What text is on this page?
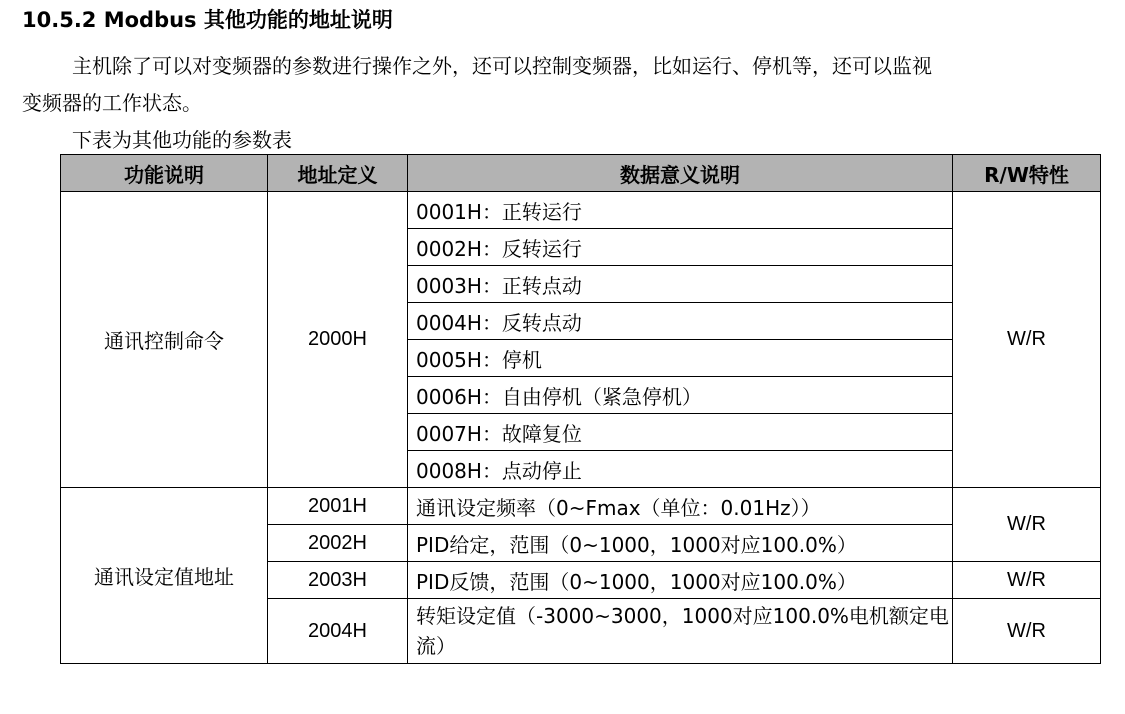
10.5.2 Modbus 其他功能的地址说明
主机除了可以对变频器的参数进行操作之外，还可以控制变频器，比如运行、停机等，还可以监视
变频器的工作状态。
下表为其他功能的参数表
功能说明	地址定义	数据意义说明	R/W特性
通讯控制命令	2000H	0001H：正转运行	W/R
		0002H：反转运行	
		0003H：正转点动	
		0004H：反转点动	
		0005H：停机	
		0006H：自由停机（紧急停机）	
		0007H：故障复位	
		0008H：点动停止	
通讯设定值地址	2001H	通讯设定频率（0~Fmax（单位：0.01Hz））	W/R
	2002H	PID给定，范围（0~1000，1000对应100.0%）	
	2003H	PID反馈，范围（0~1000，1000对应100.0%）	W/R
	2004H	转矩设定值（-3000~3000，1000对应100.0%电机额定电流）	W/R
